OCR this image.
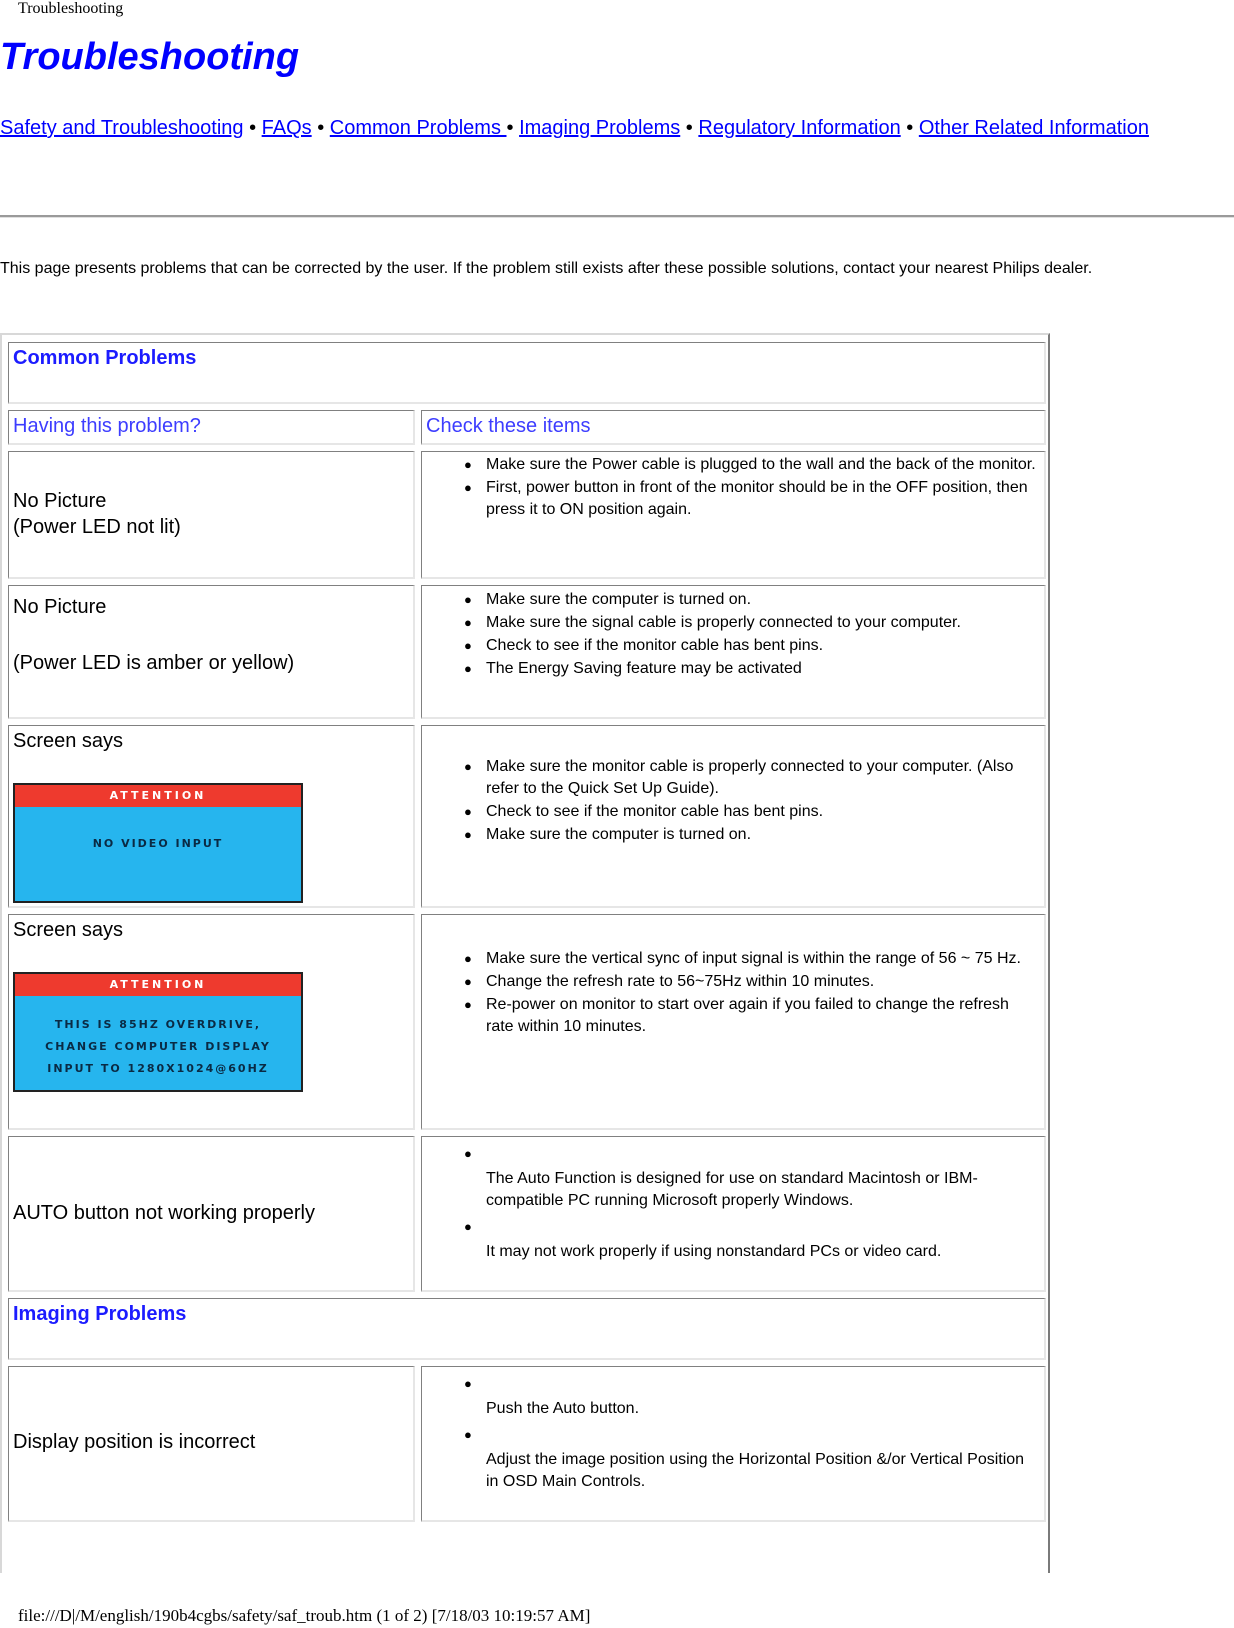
Troubleshooting
Troubleshooting
Safety and Troubleshooting • FAQs • Common Problems • Imaging Problems • Regulatory Information • Other Related Information
This page presents problems that can be corrected by the user. If the problem still exists after these possible solutions, contact your nearest Philips dealer.
Common Problems
Having this problem?	Check these items
No Picture
(Power LED not lit)
● Make sure the Power cable is plugged to the wall and the back of the monitor.
● First, power button in front of the monitor should be in the OFF position, then press it to ON position again.
No Picture
(Power LED is amber or yellow)
● Make sure the computer is turned on.
● Make sure the signal cable is properly connected to your computer.
● Check to see if the monitor cable has bent pins.
● The Energy Saving feature may be activated
Screen says
ATTENTION
NO VIDEO INPUT
● Make sure the monitor cable is properly connected to your computer. (Also refer to the Quick Set Up Guide).
● Check to see if the monitor cable has bent pins.
● Make sure the computer is turned on.
Screen says
ATTENTION
THIS IS 85HZ OVERDRIVE,
CHANGE COMPUTER DISPLAY
INPUT TO 1280X1024@60HZ
● Make sure the vertical sync of input signal is within the range of 56 ~ 75 Hz.
● Change the refresh rate to 56~75Hz within 10 minutes.
● Re-power on monitor to start over again if you failed to change the refresh rate within 10 minutes.
AUTO button not working properly
● The Auto Function is designed for use on standard Macintosh or IBM-compatible PC running Microsoft properly Windows.
● It may not work properly if using nonstandard PCs or video card.
Imaging Problems
Display position is incorrect
● Push the Auto button.
● Adjust the image position using the Horizontal Position &/or Vertical Position in OSD Main Controls.
file:///D|/M/english/190b4cgbs/safety/saf_troub.htm (1 of 2) [7/18/03 10:19:57 AM]
